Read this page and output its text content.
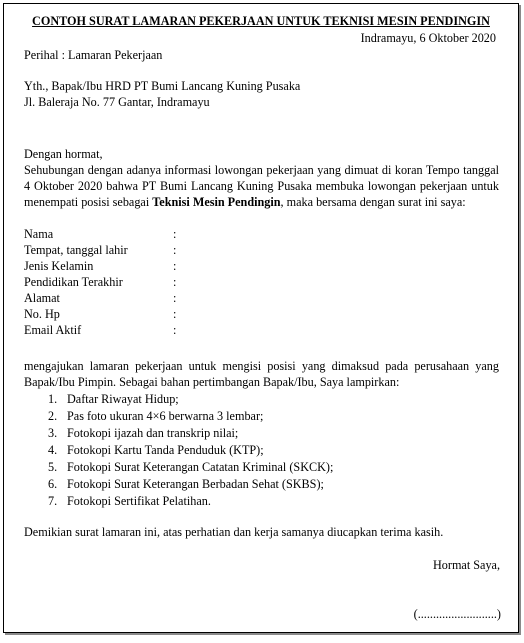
CONTOH SURAT LAMARAN PEKERJAAN UNTUK TEKNISI MESIN PENDINGIN
Indramayu, 6 Oktober 2020
Perihal : Lamaran Pekerjaan
Yth., Bapak/Ibu HRD PT Bumi Lancang Kuning Pusaka
Jl. Baleraja No. 77 Gantar, Indramayu
Dengan hormat,
Sehubungan dengan adanya informasi lowongan pekerjaan yang dimuat di koran Tempo tanggal 4 Oktober 2020 bahwa PT Bumi Lancang Kuning Pusaka membuka lowongan pekerjaan untuk menempati posisi sebagai Teknisi Mesin Pendingin, maka bersama dengan surat ini saya:
Nama	:
Tempat, tanggal lahir	:
Jenis Kelamin	:
Pendidikan Terakhir	:
Alamat	:
No. Hp	:
Email Aktif	:
mengajukan lamaran pekerjaan untuk mengisi posisi yang dimaksud pada perusahaan yang Bapak/Ibu Pimpin. Sebagai bahan pertimbangan Bapak/Ibu, Saya lampirkan:
1. Daftar Riwayat Hidup;
2. Pas foto ukuran 4×6 berwarna 3 lembar;
3. Fotokopi ijazah dan transkrip nilai;
4. Fotokopi Kartu Tanda Penduduk (KTP);
5. Fotokopi Surat Keterangan Catatan Kriminal (SKCK);
6. Fotokopi Surat Keterangan Berbadan Sehat (SKBS);
7. Fotokopi Sertifikat Pelatihan.
Demikian surat lamaran ini, atas perhatian dan kerja samanya diucapkan terima kasih.
Hormat Saya,
(..........................)
